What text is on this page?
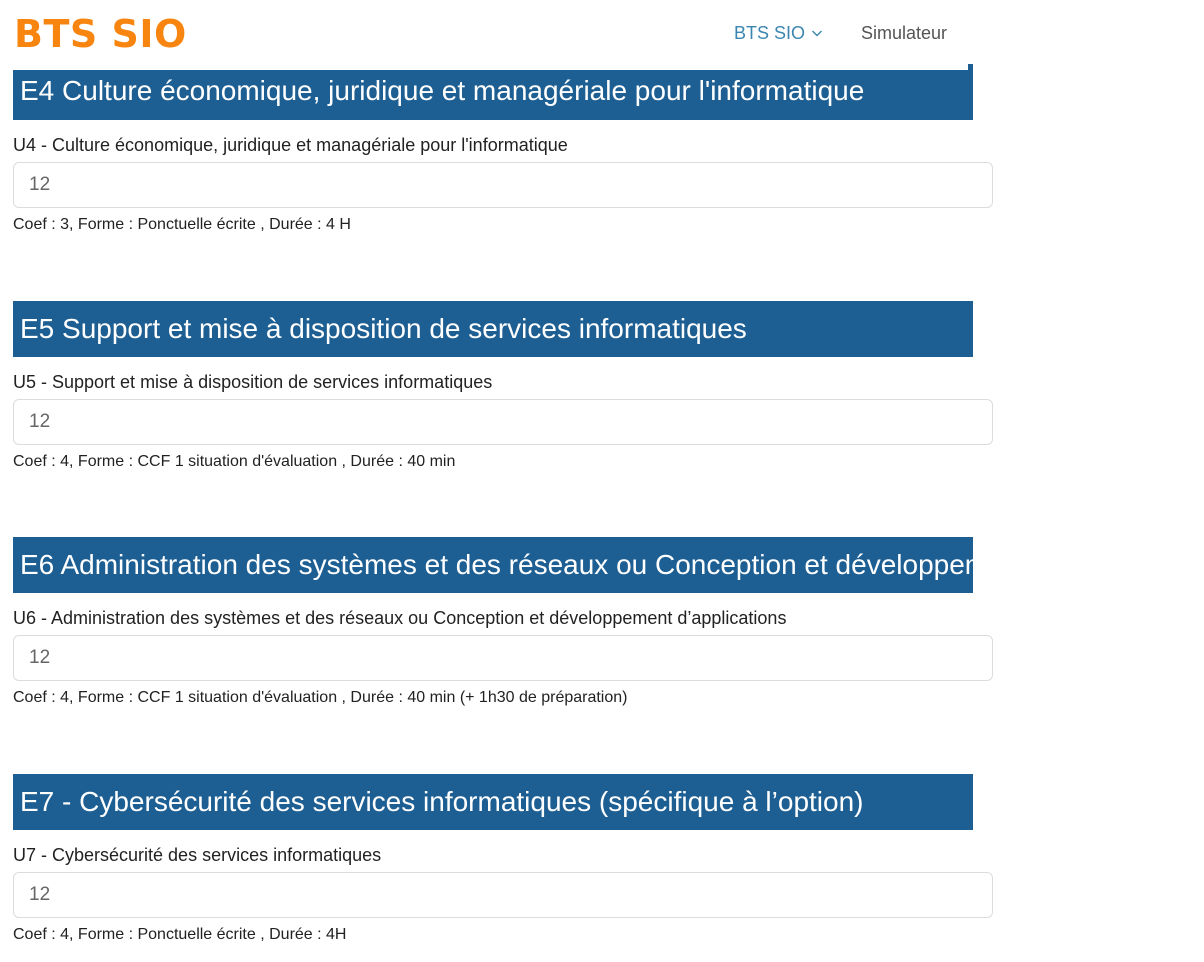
BTS SIO	BTS SIO	Simulateur
E4 Culture économique, juridique et managériale pour l'informatique
U4 - Culture économique, juridique et managériale pour l'informatique
12
Coef : 3, Forme : Ponctuelle écrite , Durée : 4 H
E5 Support et mise à disposition de services informatiques
U5 - Support et mise à disposition de services informatiques
12
Coef : 4, Forme : CCF 1 situation d'évaluation , Durée : 40 min
E6 Administration des systèmes et des réseaux ou Conception et développement d’applications
U6 - Administration des systèmes et des réseaux ou Conception et développement d’applications
12
Coef : 4, Forme : CCF 1 situation d'évaluation , Durée : 40 min (+ 1h30 de préparation)
E7 - Cybersécurité des services informatiques (spécifique à l’option)
U7 - Cybersécurité des services informatiques
12
Coef : 4, Forme : Ponctuelle écrite , Durée : 4H
